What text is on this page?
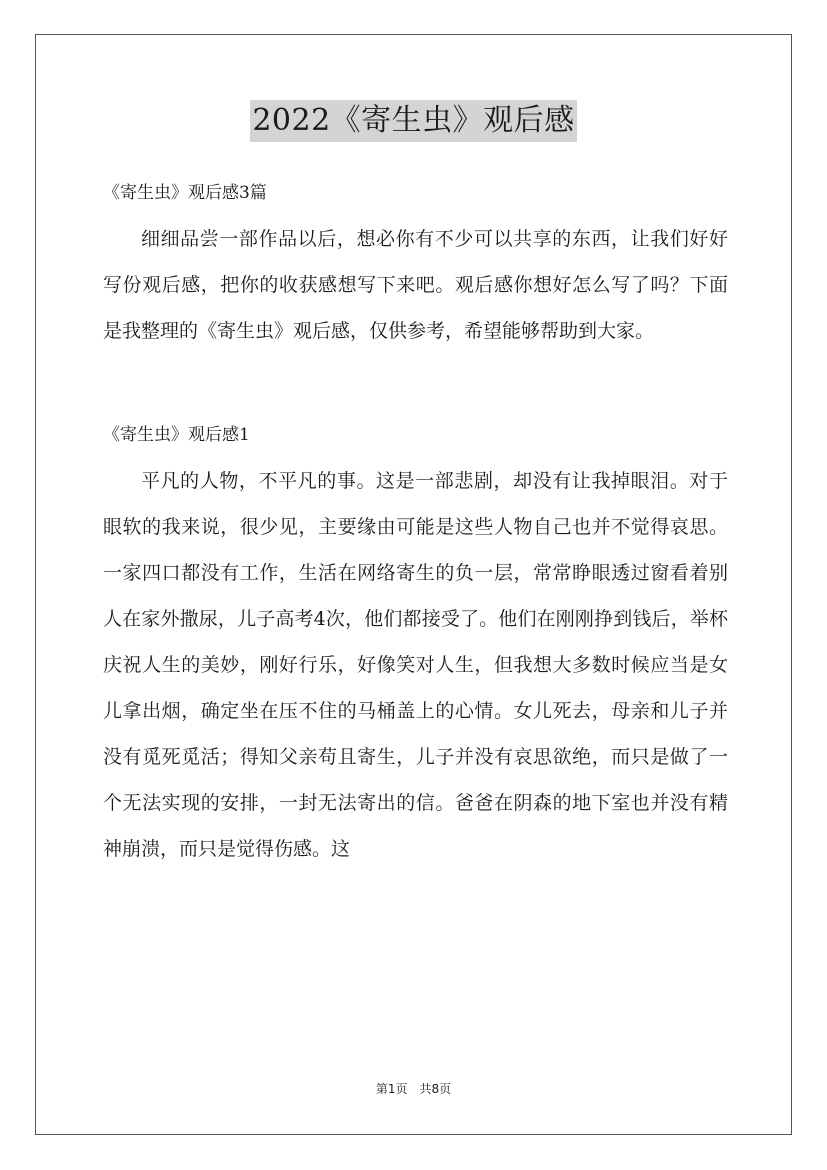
2022《寄生虫》观后感

《寄生虫》观后感3篇

细细品尝一部作品以后，想必你有不少可以共享的东西，让我们好好写份观后感，把你的收获感想写下来吧。观后感你想好怎么写了吗？下面是我整理的《寄生虫》观后感，仅供参考，希望能够帮助到大家。

《寄生虫》观后感1

平凡的人物，不平凡的事。这是一部悲剧，却没有让我掉眼泪。对于眼软的我来说，很少见，主要缘由可能是这些人物自己也并不觉得哀思。一家四口都没有工作，生活在网络寄生的负一层，常常睁眼透过窗看着别人在家外撒尿，儿子高考4次，他们都接受了。他们在刚刚挣到钱后，举杯庆祝人生的美妙，刚好行乐，好像笑对人生，但我想大多数时候应当是女儿拿出烟，确定坐在压不住的马桶盖上的心情。女儿死去，母亲和儿子并没有觅死觅活；得知父亲苟且寄生，儿子并没有哀思欲绝，而只是做了一个无法实现的安排，一封无法寄出的信。爸爸在阴森的地下室也并没有精神崩溃，而只是觉得伤感。这

第1页　共8页
